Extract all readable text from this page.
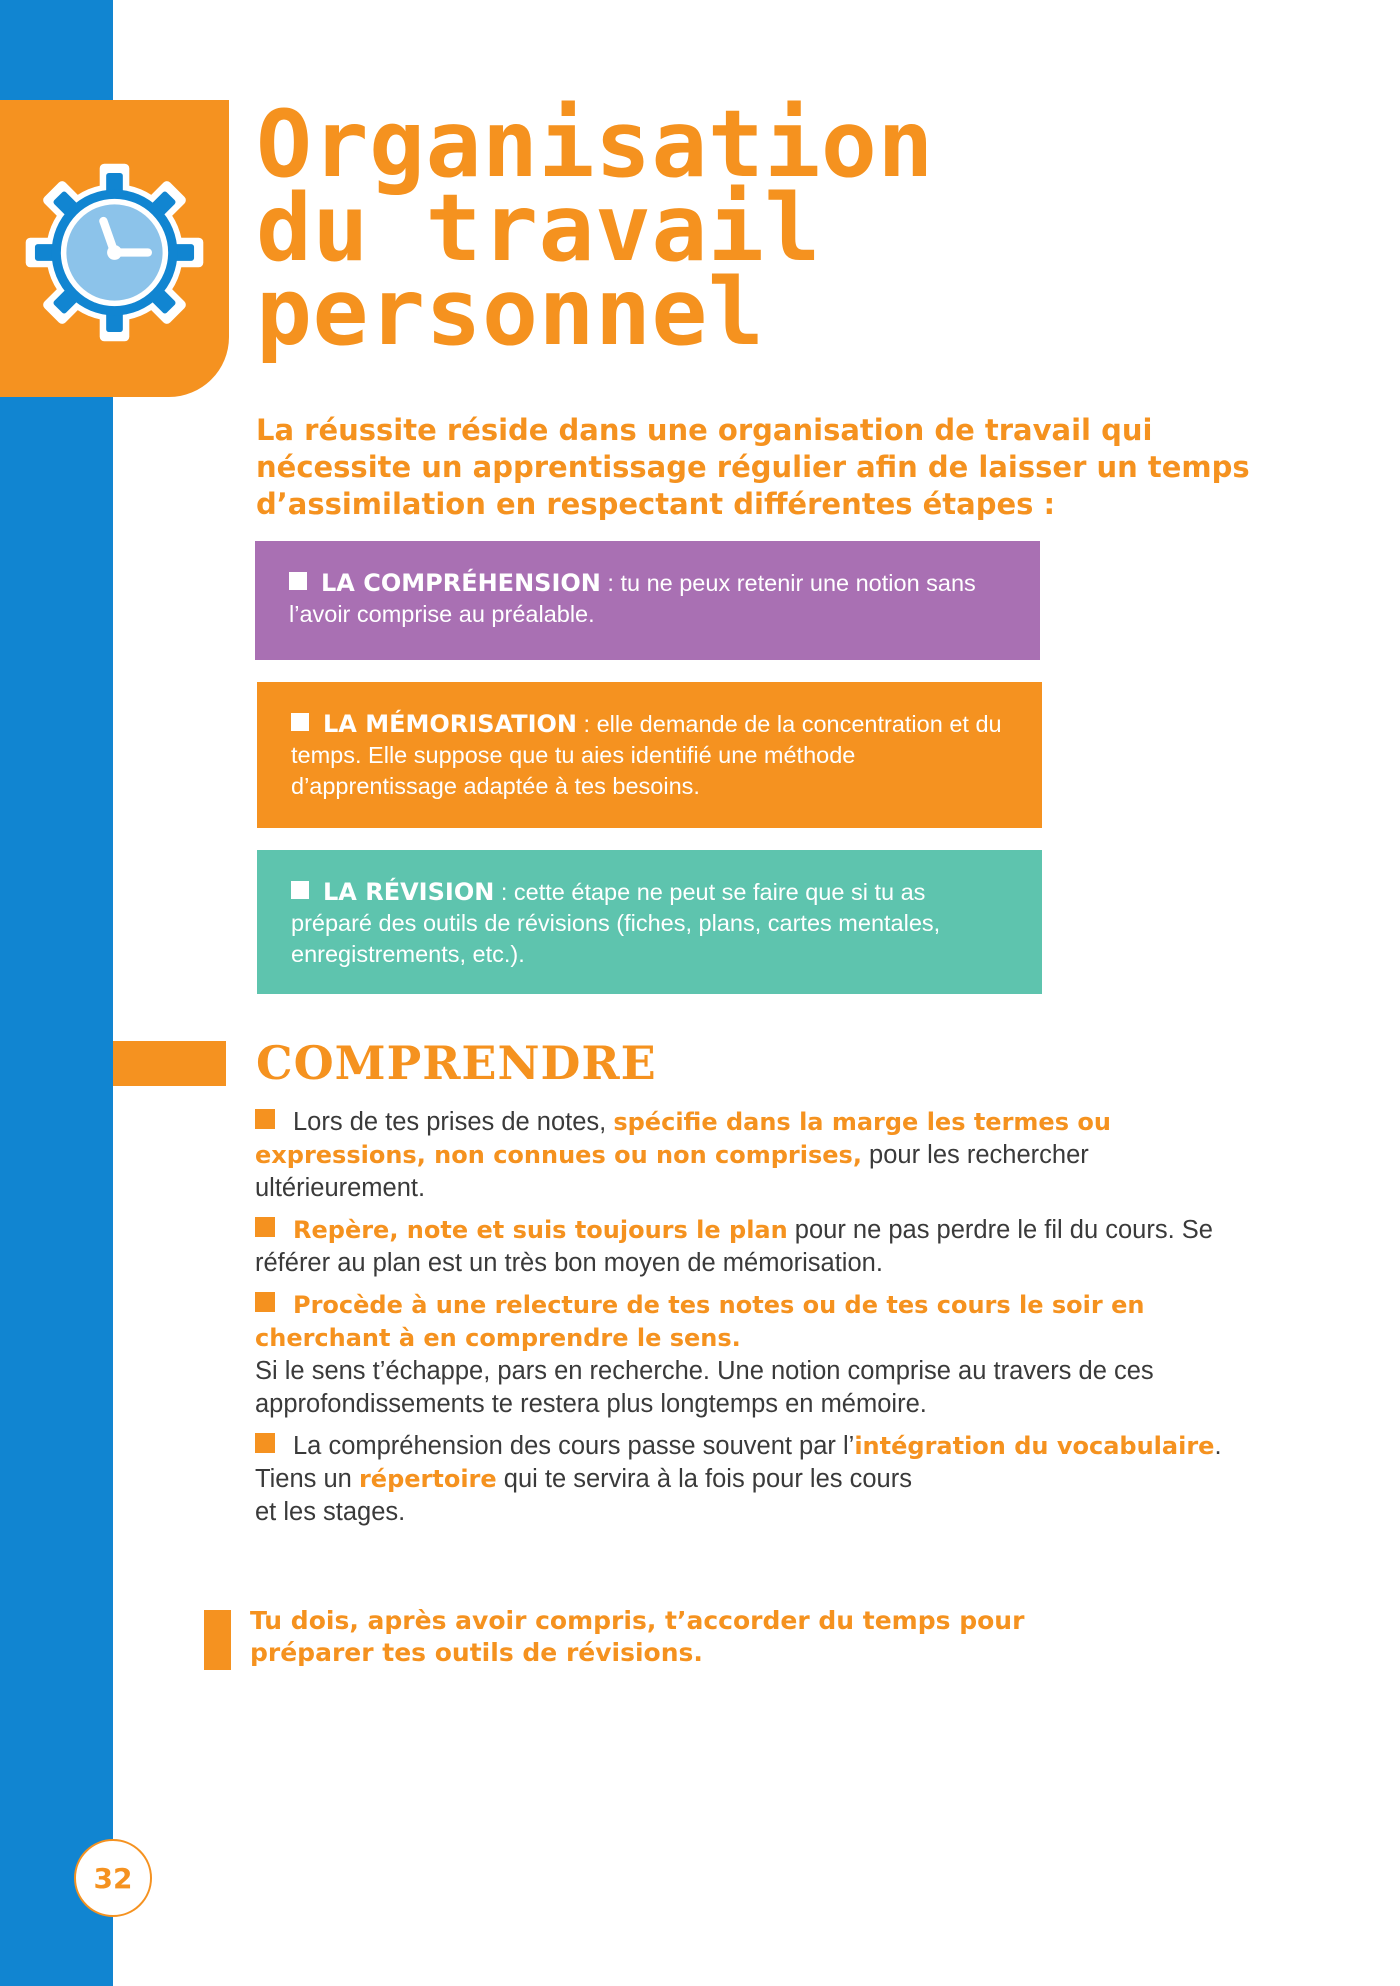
Organisation
du travail
personnel

La réussite réside dans une organisation de travail qui nécessite un apprentissage régulier afin de laisser un temps d’assimilation en respectant différentes étapes :

LA COMPRÉHENSION : tu ne peux retenir une notion sans l’avoir comprise au préalable.
LA MÉMORISATION : elle demande de la concentration et du temps. Elle suppose que tu aies identifié une méthode d’apprentissage adaptée à tes besoins.
LA RÉVISION : cette étape ne peut se faire que si tu as préparé des outils de révisions (fiches, plans, cartes mentales, enregistrements, etc.).
COMPRENDRE

Lors de tes prises de notes, spécifie dans la marge les termes ou expressions, non connues ou non comprises, pour les rechercher ultérieurement.

Repère, note et suis toujours le plan pour ne pas perdre le fil du cours. Se référer au plan est un très bon moyen de mémorisation.

Procède à une relecture de tes notes ou de tes cours le soir en cherchant à en comprendre le sens.
Si le sens t’échappe, pars en recherche. Une notion comprise au travers de ces approfondissements te restera plus longtemps en mémoire.

La compréhension des cours passe souvent par l’intégration du vocabulaire. Tiens un répertoire qui te servira à la fois pour les cours
et les stages.

Tu dois, après avoir compris, t’accorder du temps pour préparer tes outils de révisions.

32
